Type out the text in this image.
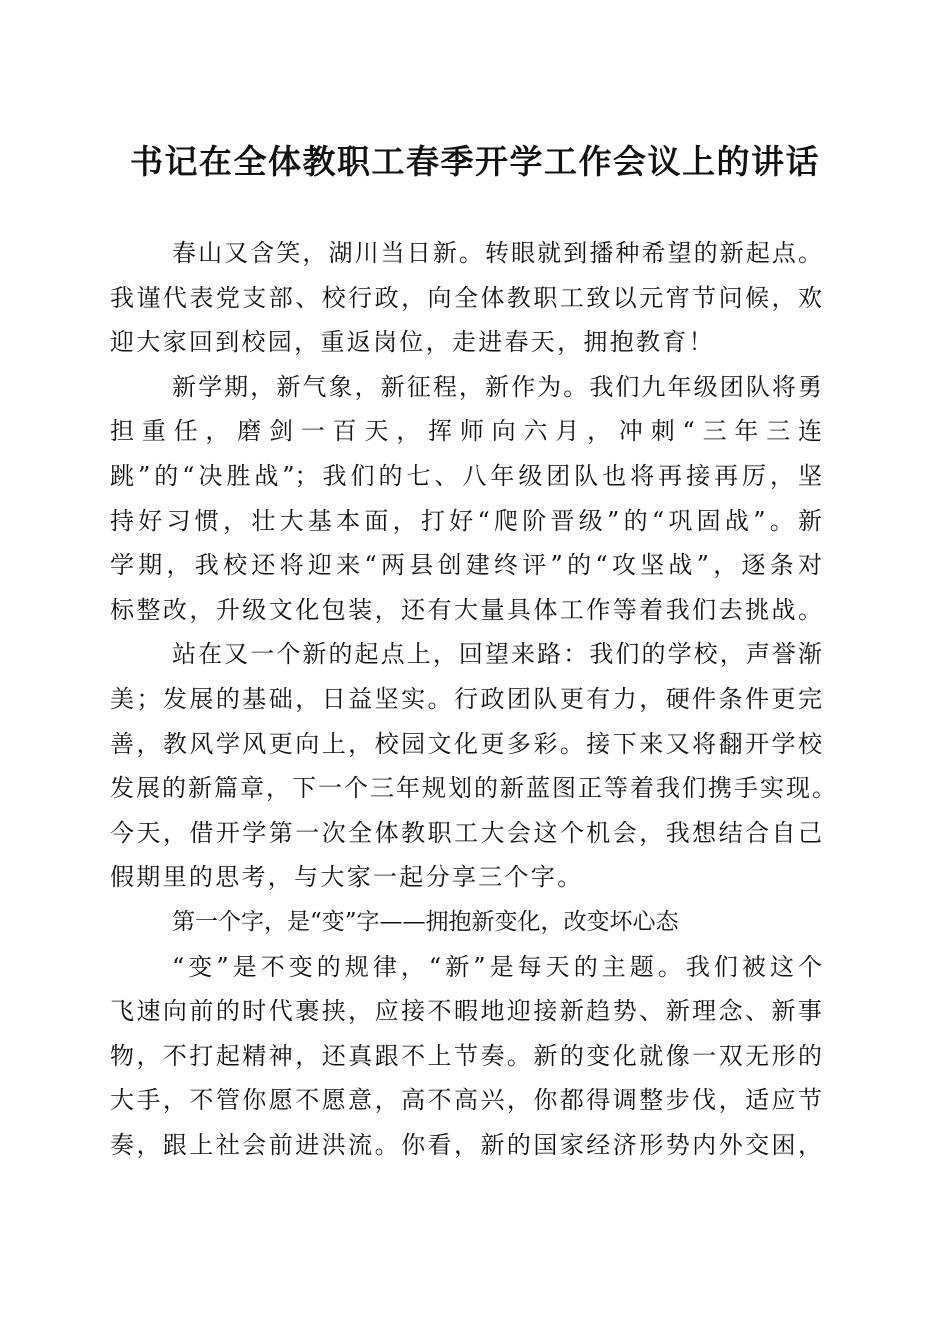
书记在全体教职工春季开学工作会议上的讲话
春山又含笑，湖川当日新。转眼就到播种希望的新起点。
我谨代表党支部、校行政，向全体教职工致以元宵节问候，欢
迎大家回到校园，重返岗位，走进春天，拥抱教育！
新学期，新气象，新征程，新作为。我们九年级团队将勇
担重任，磨剑一百天，挥师向六月，冲刺“三年三连
跳”的“决胜战”；我们的七、八年级团队也将再接再厉，坚
持好习惯，壮大基本面，打好“爬阶晋级”的“巩固战”。新
学期，我校还将迎来“两县创建终评”的“攻坚战”，逐条对
标整改，升级文化包装，还有大量具体工作等着我们去挑战。
站在又一个新的起点上，回望来路：我们的学校，声誉渐
美；发展的基础，日益坚实。行政团队更有力，硬件条件更完
善，教风学风更向上，校园文化更多彩。接下来又将翻开学校
发展的新篇章，下一个三年规划的新蓝图正等着我们携手实现。
今天，借开学第一次全体教职工大会这个机会，我想结合自己
假期里的思考，与大家一起分享三个字。
第一个字，是“变”字——拥抱新变化，改变坏心态
“变”是不变的规律，“新”是每天的主题。我们被这个
飞速向前的时代裹挟，应接不暇地迎接新趋势、新理念、新事
物，不打起精神，还真跟不上节奏。新的变化就像一双无形的
大手，不管你愿不愿意，高不高兴，你都得调整步伐，适应节
奏，跟上社会前进洪流。你看，新的国家经济形势内外交困，
